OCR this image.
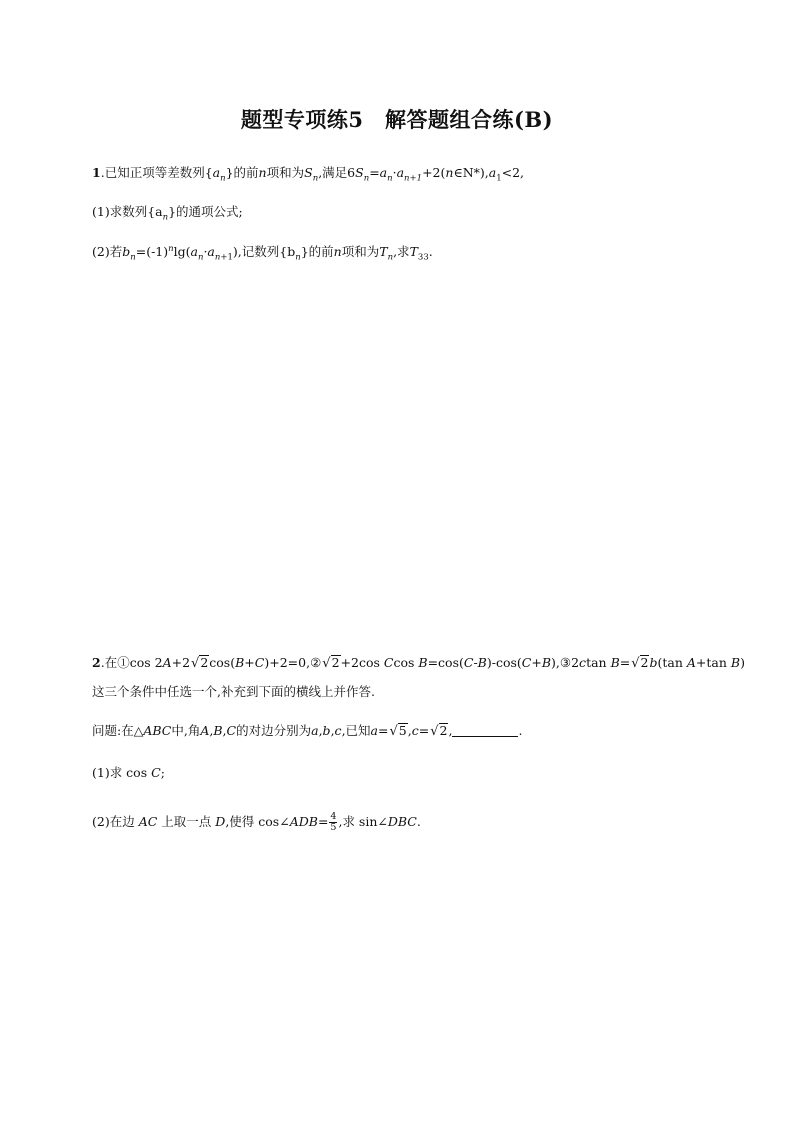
题型专项练5　解答题组合练(B)
1.已知正项等差数列$\{a_n\}$的前n项和为$S_n$,满足$6S_n=a_n\cdot a_{n+1}+2(n\in N*),a_1<2$,
(1)求数列$\{a_n\}$的通项公式;
(2)若$b_n=(-1)^n\lg(a_n\cdot a_{n+1})$,记数列$\{b_n\}$的前n项和为$T_n$,求$T_{33}$.
2.在①cos 2A+2√2cos(B+C)+2=0,②√2+2cos Ccos B=cos(C-B)-cos(C+B),③2ctan B=√2b(tan A+tan B)
这三个条件中任选一个,补充到下面的横线上并作答.
问题:在△ABC中,角A,B,C的对边分别为a,b,c,已知a=√5,c=√2,	.
(1)求 cos C;
(2)在边 AC 上取一点 D,使得 cos∠ADB= $\frac{4}{5}$ ,求 sin∠DBC.
